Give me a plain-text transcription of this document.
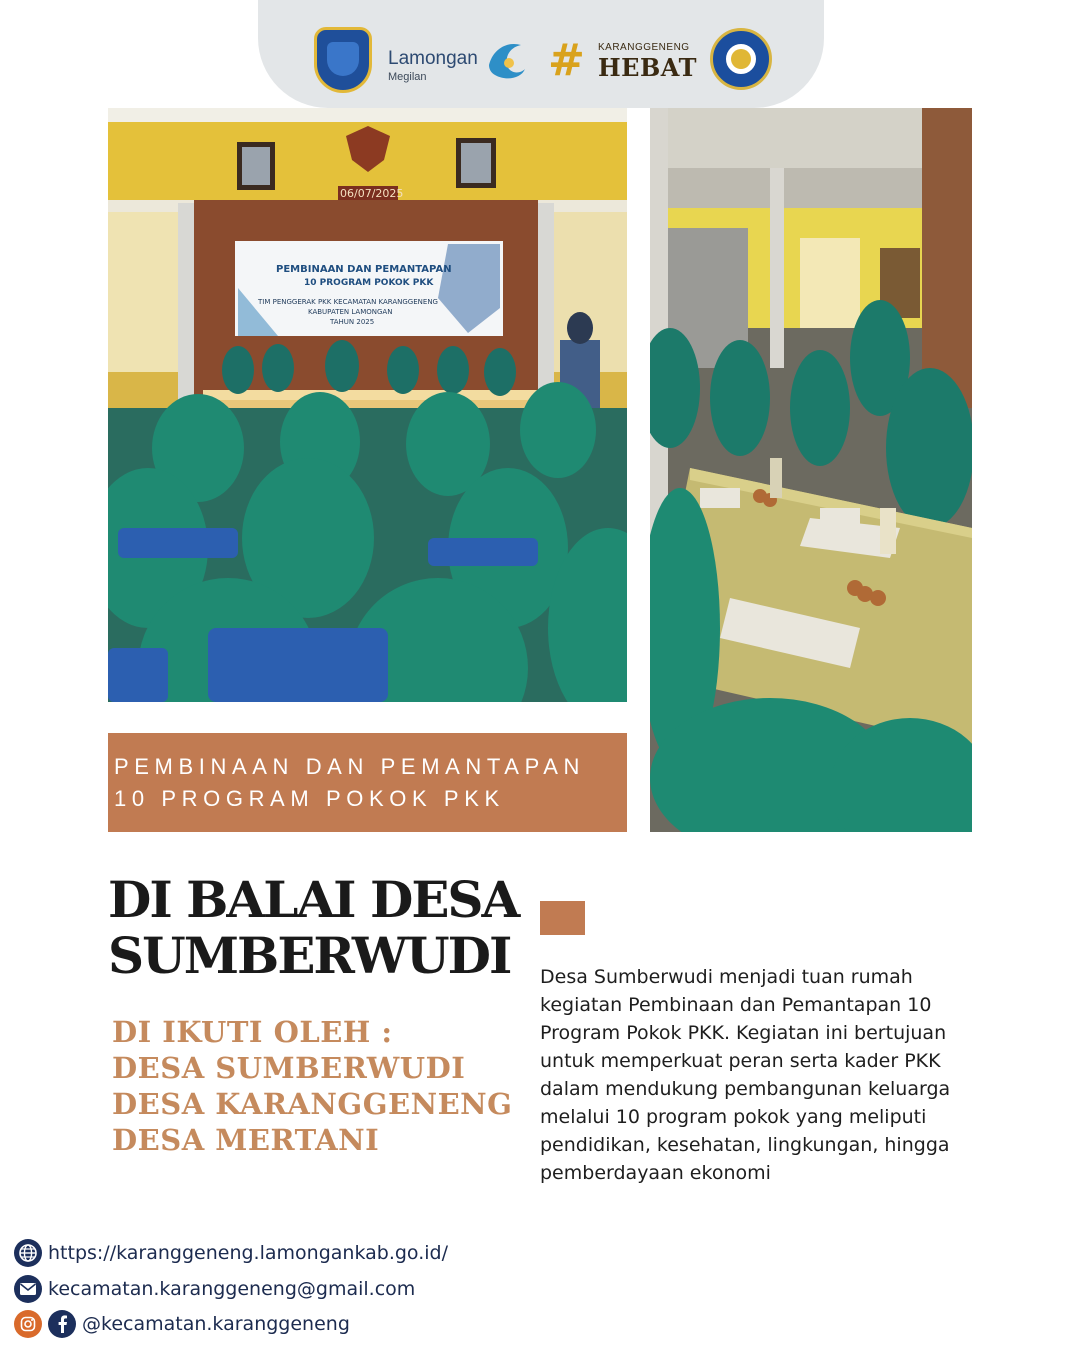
Lamongan
Megilan	# KARANGGENENG
HEBAT
06/07/2025
PEMBINAAN DAN PEMANTAPAN
10 PROGRAM POKOK PKK
TIM PENGGERAK PKK KECAMATAN KARANGGENENG
KABUPATEN LAMONGAN
TAHUN 2025
PEMBINAAN DAN PEMANTAPAN
10 PROGRAM POKOK PKK
DI BALAI DESA
SUMBERWUDI
DI IKUTI OLEH :
DESA SUMBERWUDI
DESA KARANGGENENG
DESA MERTANI
Desa Sumberwudi menjadi tuan rumah kegiatan Pembinaan dan Pemantapan 10 Program Pokok PKK. Kegiatan ini bertujuan untuk memperkuat peran serta kader PKK dalam mendukung pembangunan keluarga melalui 10 program pokok yang meliputi pendidikan, kesehatan, lingkungan, hingga pemberdayaan ekonomi
https://karanggeneng.lamongankab.go.id/
kecamatan.karanggeneng@gmail.com
@kecamatan.karanggeneng
